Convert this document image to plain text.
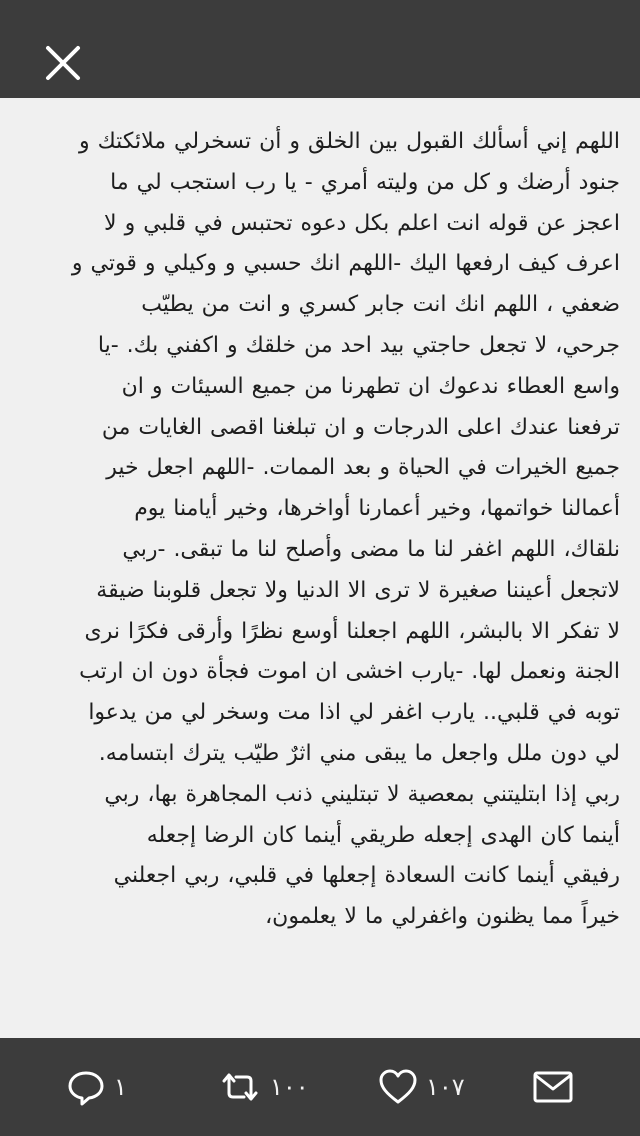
اللهم إني أسألك القبول بين الخلق و أن تسخرلي ملائكتك و
جنود أرضك و كل من وليته أمري - يا رب استجب لي ما
اعجز عن قوله انت اعلم بكل دعوه تحتبس في قلبي و لا
اعرف كيف ارفعها اليك -اللهم انك حسبي و وكيلي و قوتي و
ضعفي ، اللهم انك انت جابر كسري و انت من يطيّب
جرحي، لا تجعل حاجتي بيد احد من خلقك و اكفني بك. -يا
واسع العطاء ندعوك ان تطهرنا من جميع السيئات و ان
ترفعنا عندك اعلى الدرجات و ان تبلغنا اقصى الغايات من
جميع الخيرات في الحياة و بعد الممات. -اللهم اجعل خير
أعمالنا خواتمها، وخير أعمارنا أواخرها، وخير أيامنا يوم
نلقاك، اللهم اغفر لنا ما مضى وأصلح لنا ما تبقى. -ربي
لاتجعل أعيننا صغيرة لا ترى الا الدنيا ولا تجعل قلوبنا ضيقة
لا تفكر الا بالبشر، اللهم اجعلنا أوسع نظرًا وأرقى فكرًا نرى
الجنة ونعمل لها. -يارب اخشى ان اموت فجأة دون ان ارتب
توبه في قلبي.. يارب اغفر لي اذا مت وسخر لي من يدعوا
لي دون ملل واجعل ما يبقى مني اثرٌ طيّب يترك ابتسامه.
ربي إذا ابتليتني بمعصية لا تبتليني ذنب المجاهرة بها، ربي
أينما كان الهدى إجعله طريقي أينما كان الرضا إجعله
رفيقي أينما كانت السعادة إجعلها في قلبي، ربي اجعلني
خيراً مما يظنون واغفرلي ما لا يعلمون،
١	١٠٠	١٠٧
